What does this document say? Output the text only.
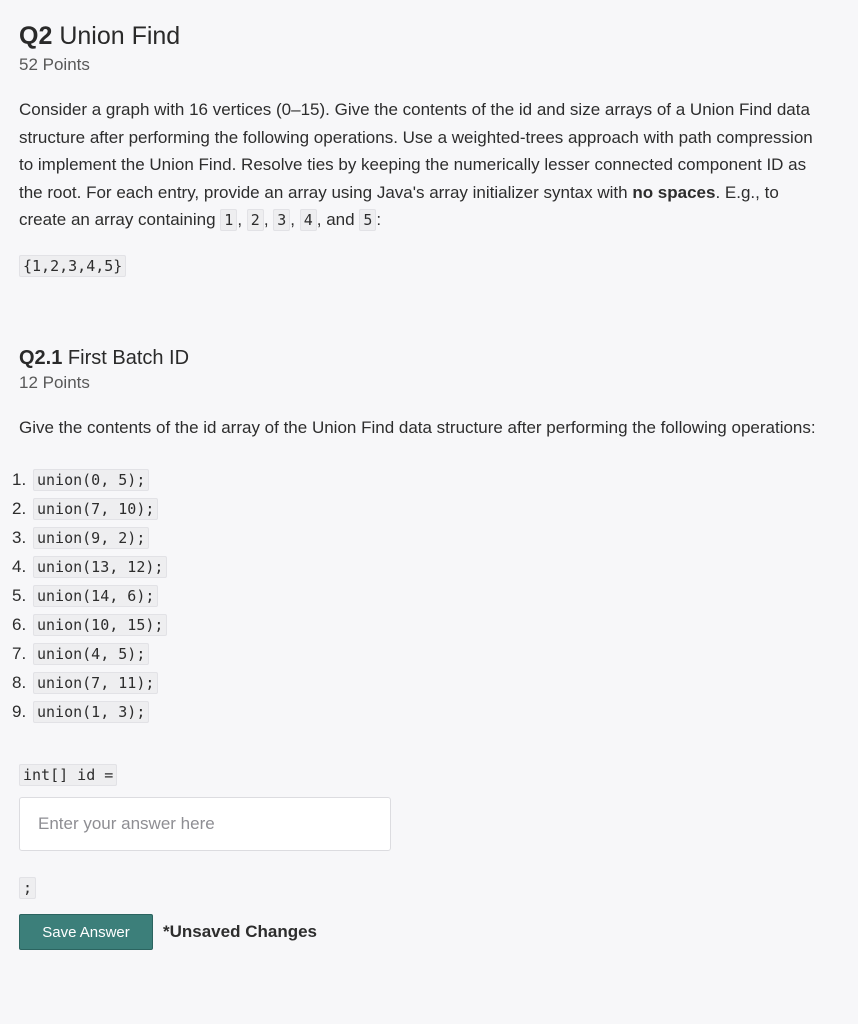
Q2 Union Find
52 Points
Consider a graph with 16 vertices (0–15). Give the contents of the id and size arrays of a Union Find data structure after performing the following operations. Use a weighted-trees approach with path compression to implement the Union Find. Resolve ties by keeping the numerically lesser connected component ID as the root. For each entry, provide an array using Java's array initializer syntax with no spaces. E.g., to create an array containing 1 , 2 , 3 , 4 , and 5 :
{1,2,3,4,5}
Q2.1 First Batch ID
12 Points
Give the contents of the id array of the Union Find data structure after performing the following operations:
1. union(0, 5);
2. union(7, 10);
3. union(9, 2);
4. union(13, 12);
5. union(14, 6);
6. union(10, 15);
7. union(4, 5);
8. union(7, 11);
9. union(1, 3);
int[] id =
Enter your answer here ;
Save Answer	*Unsaved Changes
